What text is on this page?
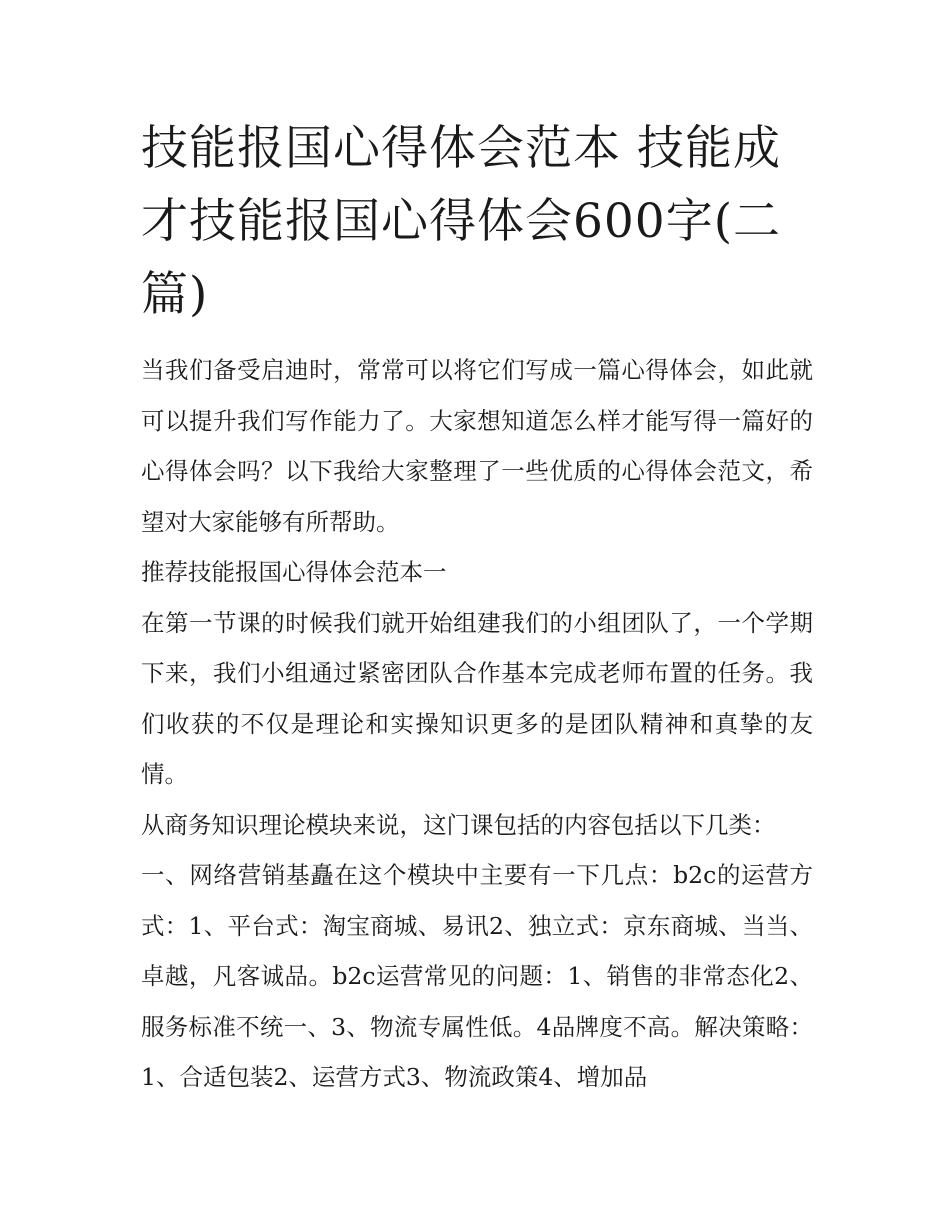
技能报国心得体会范本 技能成才技能报国心得体会600字(二篇)

当我们备受启迪时，常常可以将它们写成一篇心得体会，如此就可以提升我们写作能力了。大家想知道怎么样才能写得一篇好的心得体会吗？以下我给大家整理了一些优质的心得体会范文，希望对大家能够有所帮助。

推荐技能报国心得体会范本一

在第一节课的时候我们就开始组建我们的小组团队了，一个学期下来，我们小组通过紧密团队合作基本完成老师布置的任务。我们收获的不仅是理论和实操知识更多的是团队精神和真挚的友情。

从商务知识理论模块来说，这门课包括的内容包括以下几类：

一、网络营销基矗在这个模块中主要有一下几点：b2c的运营方式：1、平台式：淘宝商城、易讯2、独立式：京东商城、当当、卓越，凡客诚品。b2c运营常见的问题：1、销售的非常态化2、服务标准不统一、3、物流专属性低。4品牌度不高。解决策略：1、合适包装2、运营方式3、物流政策4、增加品
